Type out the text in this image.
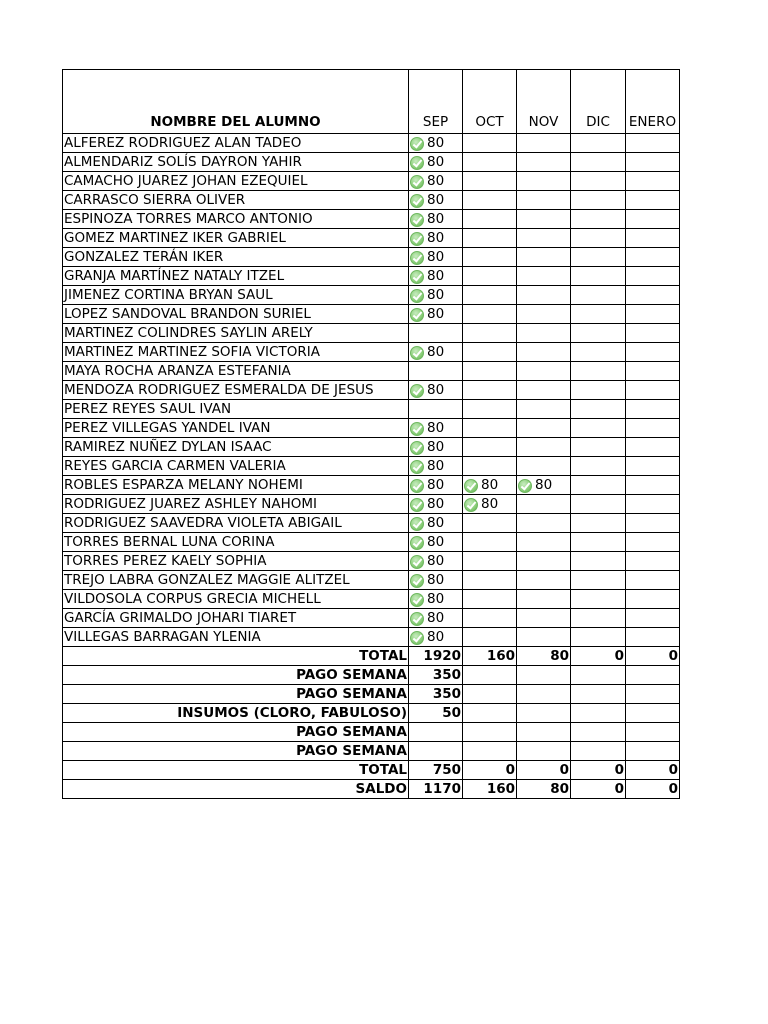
NOMBRE DEL ALUMNO	SEP	OCT	NOV	DIC	ENERO
ALFEREZ RODRIGUEZ ALAN TADEO	80				
ALMENDARIZ SOLÍS DAYRON YAHIR	80				
CAMACHO JUAREZ JOHAN EZEQUIEL	80				
CARRASCO SIERRA OLIVER	80				
ESPINOZA TORRES MARCO ANTONIO	80				
GOMEZ MARTINEZ IKER GABRIEL	80				
GONZALEZ TERÁN IKER	80				
GRANJA MARTÍNEZ NATALY ITZEL	80				
JIMENEZ CORTINA BRYAN SAUL	80				
LOPEZ SANDOVAL BRANDON SURIEL	80				
MARTINEZ COLINDRES SAYLIN ARELY					
MARTINEZ MARTINEZ SOFIA VICTORIA	80				
MAYA ROCHA ARANZA ESTEFANIA					
MENDOZA RODRIGUEZ ESMERALDA DE JESUS	80				
PEREZ REYES SAUL IVAN					
PEREZ VILLEGAS YANDEL IVAN	80				
RAMIREZ NUÑEZ DYLAN ISAAC	80				
REYES GARCIA CARMEN VALERIA	80				
ROBLES ESPARZA MELANY NOHEMI	80	80	80		
RODRIGUEZ JUAREZ ASHLEY NAHOMI	80	80			
RODRIGUEZ SAAVEDRA VIOLETA ABIGAIL	80				
TORRES BERNAL LUNA CORINA	80				
TORRES PEREZ KAELY SOPHIA	80				
TREJO LABRA GONZALEZ MAGGIE ALITZEL	80				
VILDOSOLA CORPUS GRECIA MICHELL	80				
GARCÍA GRIMALDO JOHARI TIARET	80				
VILLEGAS BARRAGAN YLENIA	80				
TOTAL	1920	160	80	0	0
PAGO SEMANA	350				
PAGO SEMANA	350				
INSUMOS (CLORO, FABULOSO)	50				
PAGO SEMANA					
PAGO SEMANA					
TOTAL	750	0	0	0	0
SALDO	1170	160	80	0	0
